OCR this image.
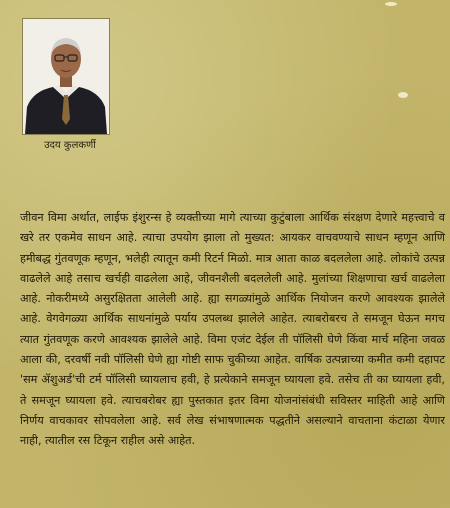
उदय कुलकर्णी

जीवन विमा अर्थात, लाईफ इंशुरन्स हे व्यक्तीच्या मागे त्याच्या कुटुंबाला आर्थिक संरक्षण देणारे महत्त्वाचे व खरे तर एकमेव साधन आहे. त्याचा उपयोग झाला तो मुख्यत: आयकर वाचवण्याचे साधन म्हणून आणि हमीबद्ध गुंतवणूक म्हणून, भलेही त्यातून कमी रिटर्न मिळो. मात्र आता काळ बदललेला आहे. लोकांचे उत्पन्न वाढलेले आहे तसाच खर्चही वाढलेला आहे, जीवनशैली बदललेली आहे. मुलांच्या शिक्षणाचा खर्च वाढलेला आहे. नोकरीमध्ये असुरक्षितता आलेली आहे. ह्या सगळ्यांमुळे आर्थिक नियोजन करणे आवश्यक झालेले आहे. वेगवेगळ्या आर्थिक साधनांमुळे पर्याय उपलब्ध झालेले आहेत. त्याबरोबरच ते समजून घेऊन मगच त्यात गुंतवणूक करणे आवश्यक झालेले आहे. विमा एजंट देईल ती पॉलिसी घेणे किंवा मार्च महिना जवळ आला की, दरवर्षी नवी पॉलिसी घेणे ह्या गोष्टी साफ चुकीच्या आहेत. वार्षिक उत्पन्नाच्या कमीत कमी दहापट 'सम ॲशुअर्ड'ची टर्म पॉलिसी घ्यायलाच हवी, हे प्रत्येकाने समजून घ्यायला हवे. तसेच ती का घ्यायला हवी, ते समजून घ्यायला हवे. त्याचबरोबर ह्या पुस्तकात इतर विमा योजनांसंबंधी सविस्तर माहिती आहे आणि निर्णय वाचकावर सोपवलेला आहे. सर्व लेख संभाषणात्मक पद्धतीने असल्याने वाचताना कंटाळा येणार नाही, त्यातील रस टिकून राहील असे आहेत.
